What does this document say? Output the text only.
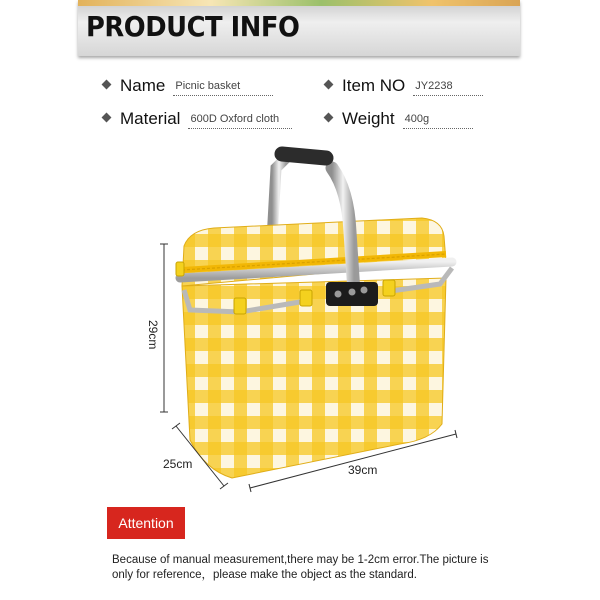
PRODUCT INFO
Name Picnic basket	Item NO JY2238
Material 600D Oxford cloth	Weight 400g
29cm
25cm	39cm
Attention
Because of manual measurement,there may be 1-2cm error.The picture is only for reference，please make the object as the standard.
